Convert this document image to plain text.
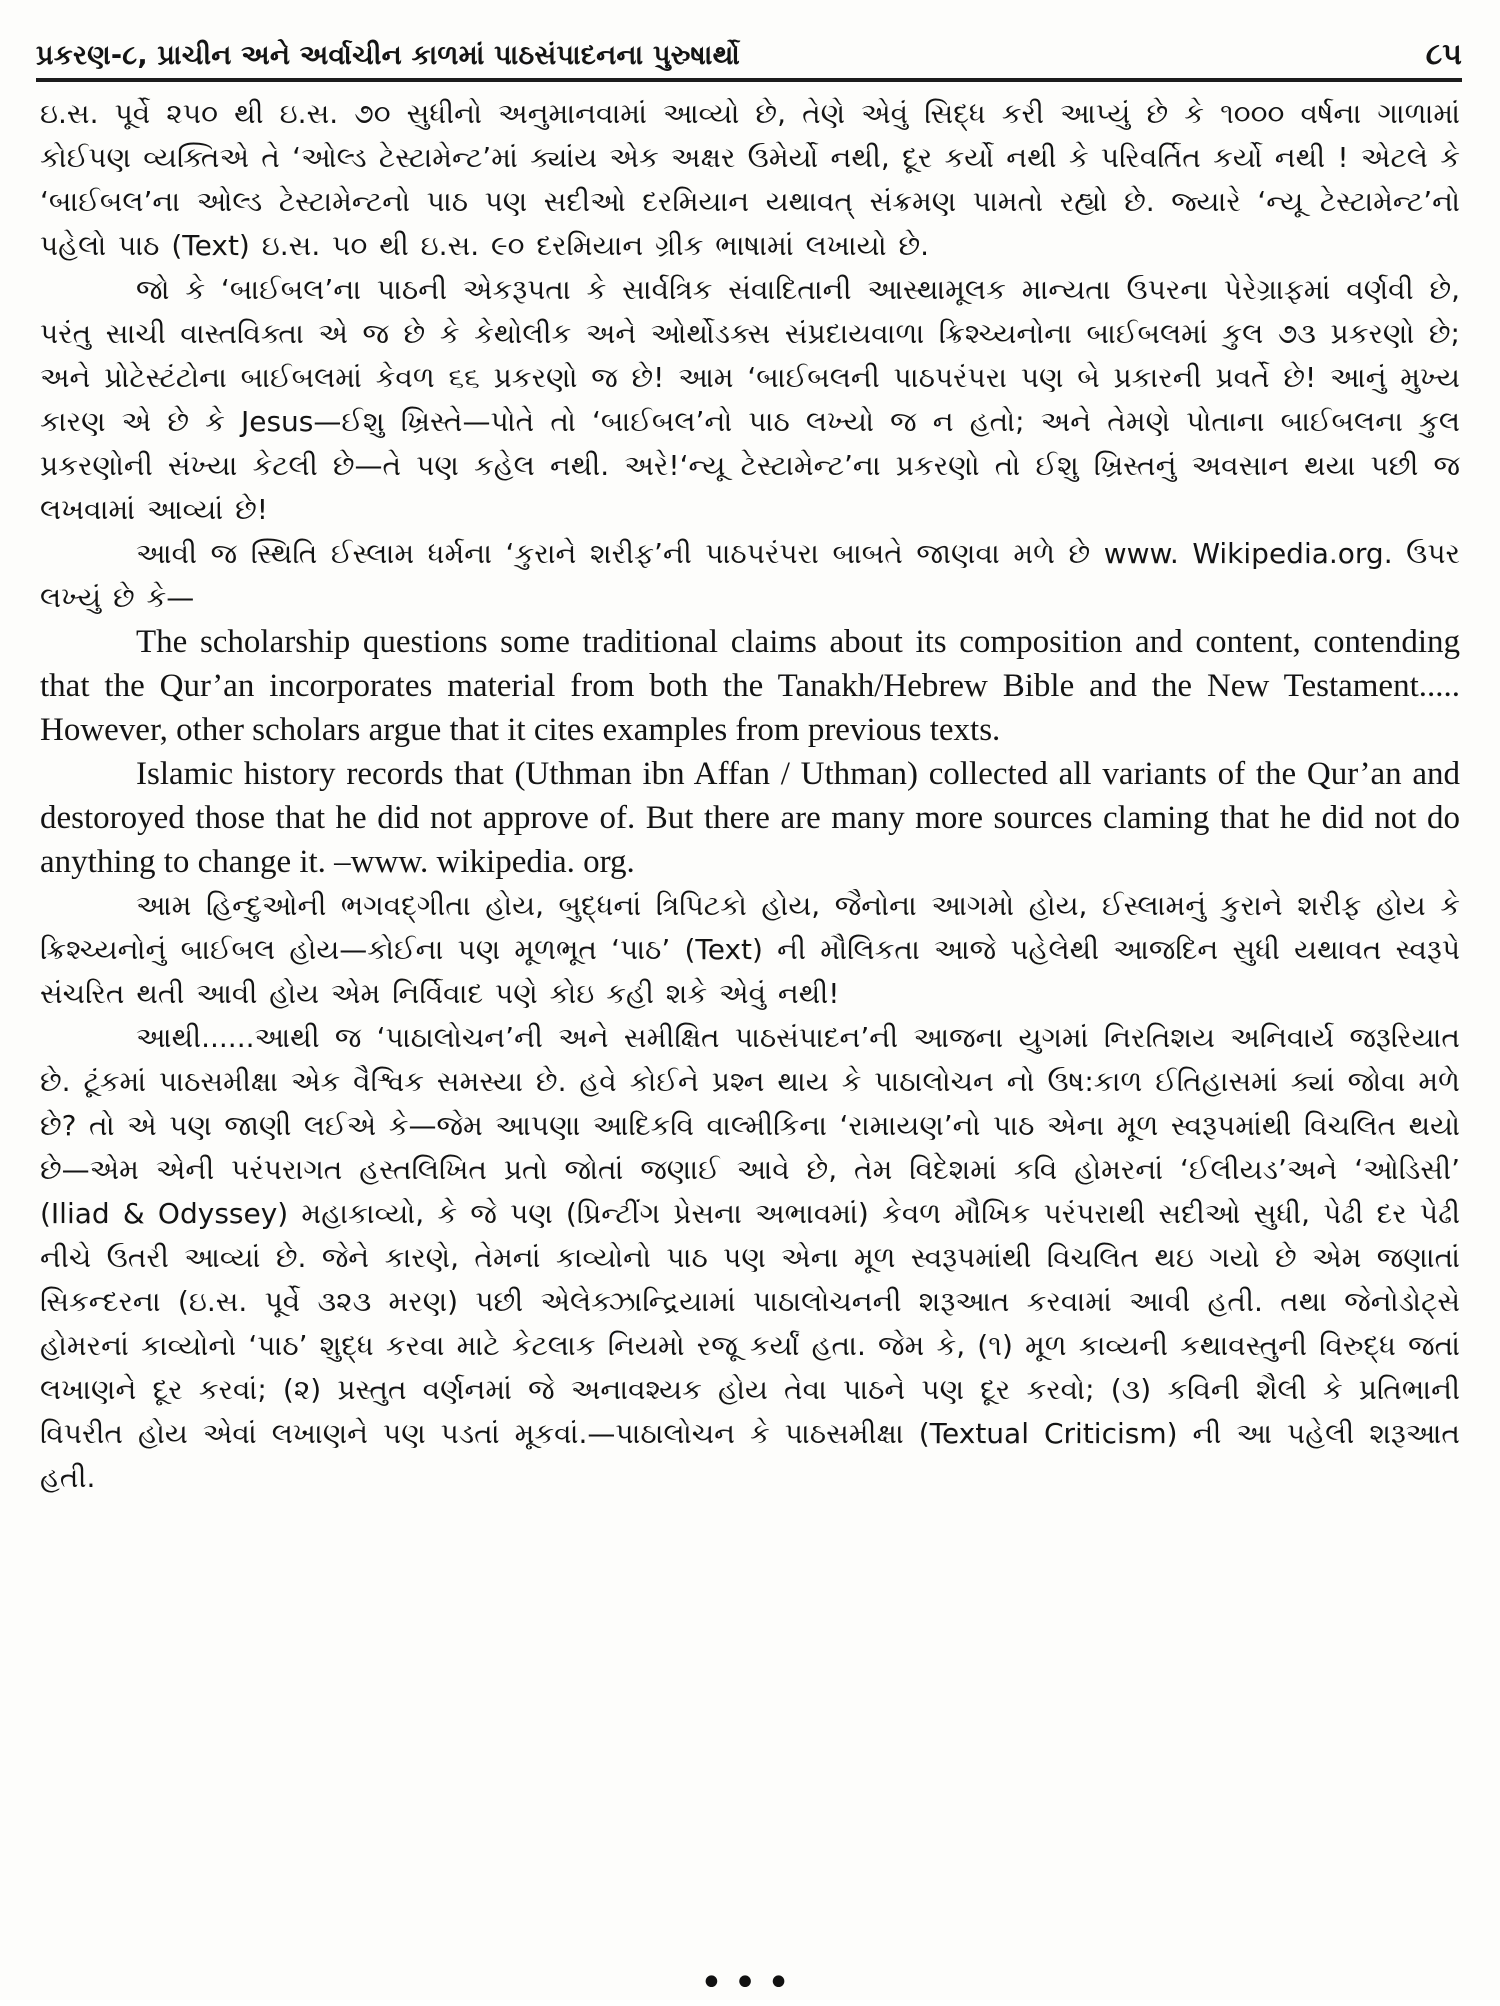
પ્રકરણ-૮, પ્રાચીન અને અર્વાચીન કાળમાં પાઠસંપાદનના પુરુષાર્થો	૮૫

ઇ.સ. પૂર્વે ૨૫૦ થી ઇ.સ. ૭૦ સુધીનો અનુમાનવામાં આવ્યો છે, તેણે એવું સિદ્ધ કરી આપ્યું છે કે ૧૦૦૦ વર્ષના ગાળામાં કોઈપણ વ્યક્તિએ તે ‘ઓલ્ડ ટેસ્ટામેન્ટ’માં ક્યાંય એક અક્ષર ઉમેર્યો નથી, દૂર કર્યો નથી કે પરિવર્તિત કર્યો નથી ! એટલે કે ‘બાઈબલ’ના ઓલ્ડ ટેસ્ટામેન્ટનો પાઠ પણ સદીઓ દરમિયાન યથાવત્ સંક્રમણ પામતો રહ્યો છે. જ્યારે ‘ન્યૂ ટેસ્ટામેન્ટ’નો પહેલો પાઠ (Text) ઇ.સ. ૫૦ થી ઇ.સ. ૯૦ દરમિયાન ગ્રીક ભાષામાં લખાયો છે.

જો કે ‘બાઈબલ’ના પાઠની એકરૂપતા કે સાર્વત્રિક સંવાદિતાની આસ્થામૂલક માન્યતા ઉપરના પેરેગ્રાફમાં વર્ણવી છે, પરંતુ સાચી વાસ્તવિક્તા એ જ છે કે કેથોલીક અને ઓર્થોડક્સ સંપ્રદાયવાળા ક્રિશ્ચ્યનોના બાઈબલમાં કુલ ૭૩ પ્રકરણો છે; અને પ્રોટેસ્ટંટોના બાઈબલમાં કેવળ ૬૬ પ્રકરણો જ છે! આમ ‘બાઈબલની પાઠપરંપરા પણ બે પ્રકારની પ્રવર્તે છે! આનું મુખ્ય કારણ એ છે કે Jesus—ઈશુ ખ્રિસ્તે—પોતે તો ‘બાઈબલ’નો પાઠ લખ્યો જ ન હતો; અને તેમણે પોતાના બાઈબલના કુલ પ્રકરણોની સંખ્યા કેટલી છે—તે પણ કહેલ નથી. અરે!‘ન્યૂ ટેસ્ટામેન્ટ’ના પ્રકરણો તો ઈશુ ખ્રિસ્તનું અવસાન થયા પછી જ લખવામાં આવ્યાં છે!

આવી જ સ્થિતિ ઈસ્લામ ધર્મના ‘કુરાને શરીફ’ની પાઠપરંપરા બાબતે જાણવા મળે છે www. Wikipedia.org. ઉપર લખ્યું છે કે—

The scholarship questions some traditional claims about its composition and content, contending that the Qur’an incorporates material from both the Tanakh/Hebrew Bible and the New Testament..... However, other scholars argue that it cites examples from previous texts.

Islamic history records that (Uthman ibn Affan / Uthman) collected all variants of the Qur’an and destoroyed those that he did not approve of. But there are many more sources claming that he did not do anything to change it. –www. wikipedia. org.

આમ હિન્દુઓની ભગવદ્‌ગીતા હોય, બુદ્ધનાં ત્રિપિટકો હોય, જૈનોના આગમો હોય, ઈસ્લામનું કુરાને શરીફ હોય કે ક્રિશ્ચ્યનોનું બાઈબલ હોય—કોઈના પણ મૂળભૂત ‘પાઠ’ (Text) ની મૌલિકતા આજે પહેલેથી આજદિન સુધી યથાવત સ્વરૂપે સંચરિત થતી આવી હોય એમ નિર્વિવાદ પણે કોઇ કહી શકે એવું નથી!

આથી......આથી જ ‘પાઠાલોચન’ની અને સમીક્ષિત પાઠસંપાદન’ની આજના યુગમાં નિરતિશય અનિવાર્ય જરૂરિયાત છે. ટૂંકમાં પાઠસમીક્ષા એક વૈશ્વિક સમસ્યા છે. હવે કોઈને પ્રશ્ન થાય કે પાઠાલોચન નો ઉષ:કાળ ઈતિહાસમાં ક્યાં જોવા મળે છે? તો એ પણ જાણી લઈએ કે—જેમ આપણા આદિકવિ વાલ્મીકિના ‘રામાયણ’નો પાઠ એના મૂળ સ્વરૂપમાંથી વિચલિત થયો છે—એમ એની પરંપરાગત હસ્તલિખિત પ્રતો જોતાં જણાઈ આવે છે, તેમ વિદેશમાં કવિ હોમરનાં ‘ઈલીયડ’અને ‘ઓડિસી’ (Iliad & Odyssey) મહાકાવ્યો, કે જે પણ (પ્રિન્ટીંગ પ્રેસના અભાવમાં) કેવળ મૌખિક પરંપરાથી સદીઓ સુધી, પેઢી દર પેઢી નીચે ઉતરી આવ્યાં છે. જેને કારણે, તેમનાં કાવ્યોનો પાઠ પણ એના મૂળ સ્વરૂપમાંથી વિચલિત થઇ ગયો છે એમ જણાતાં સિકન્દરના (ઇ.સ. પૂર્વે ૩૨૩ મરણ) પછી એલેક્ઝાન્દ્રિયામાં પાઠાલોચનની શરૂઆત કરવામાં આવી હતી. તથા જેનોડોટ્સે હોમરનાં કાવ્યોનો ‘પાઠ’ શુદ્ધ કરવા માટે કેટલાક નિયમો રજૂ કર્યાં હતા. જેમ કે, (૧) મૂળ કાવ્યની કથાવસ્તુની વિરુદ્ધ જતાં લખાણને દૂર કરવાં; (૨) પ્રસ્તુત વર્ણનમાં જે અનાવશ્યક હોય તેવા પાઠને પણ દૂર કરવો; (૩) કવિની શૈલી કે પ્રતિભાની વિપરીત હોય એવાં લખાણને પણ પડતાં મૂકવાં.—પાઠાલોચન કે પાઠસમીક્ષા (Textual Criticism) ની આ પહેલી શરૂઆત હતી.

•••
